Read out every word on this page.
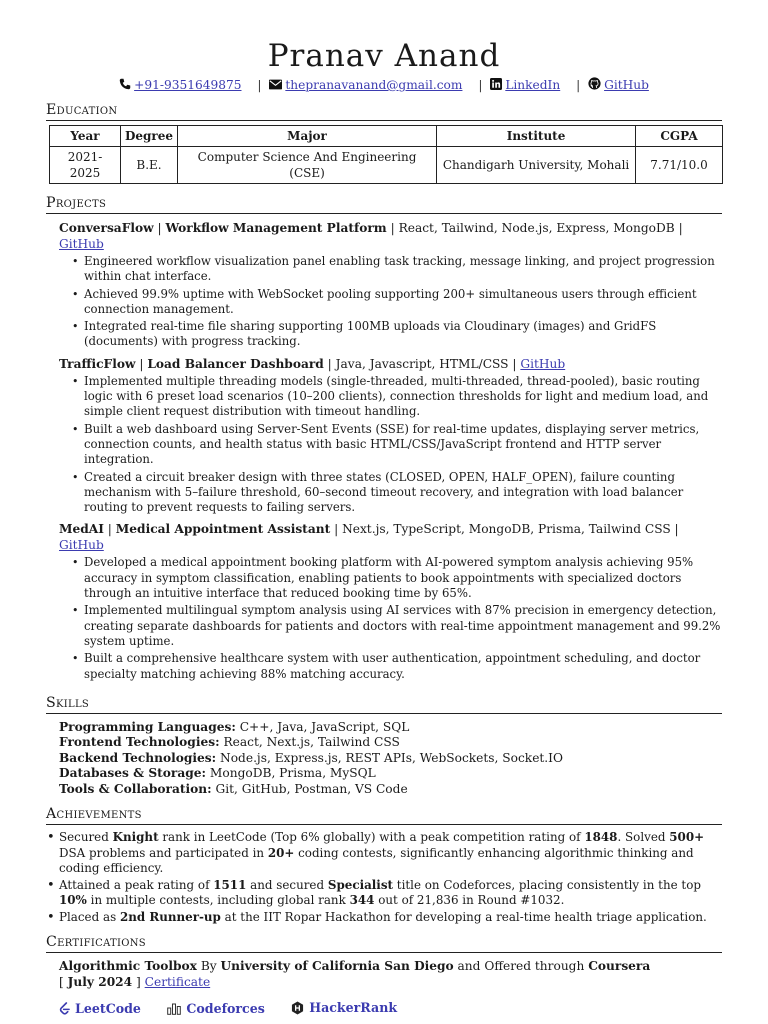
Pranav Anand
+91-9351649875 | thepranavanand@gmail.com | LinkedIn | GitHub
Education
Year	Degree	Major	Institute	CGPA
2021-2025	B.E.	Computer Science And Engineering (CSE)	Chandigarh University, Mohali	7.71/10.0
Projects
ConversaFlow | Workflow Management Platform | React, Tailwind, Node.js, Express, MongoDB | GitHub
• Engineered workflow visualization panel enabling task tracking, message linking, and project progression within chat interface.
• Achieved 99.9% uptime with WebSocket pooling supporting 200+ simultaneous users through efficient connection management.
• Integrated real-time file sharing supporting 100MB uploads via Cloudinary (images) and GridFS (documents) with progress tracking.
TrafficFlow | Load Balancer Dashboard | Java, Javascript, HTML/CSS | GitHub
• Implemented multiple threading models (single-threaded, multi-threaded, thread-pooled), basic routing logic with 6 preset load scenarios (10–200 clients), connection thresholds for light and medium load, and simple client request distribution with timeout handling.
• Built a web dashboard using Server-Sent Events (SSE) for real-time updates, displaying server metrics, connection counts, and health status with basic HTML/CSS/JavaScript frontend and HTTP server integration.
• Created a circuit breaker design with three states (CLOSED, OPEN, HALF_OPEN), failure counting mechanism with 5–failure threshold, 60–second timeout recovery, and integration with load balancer routing to prevent requests to failing servers.
MedAI | Medical Appointment Assistant | Next.js, TypeScript, MongoDB, Prisma, Tailwind CSS | GitHub
• Developed a medical appointment booking platform with AI-powered symptom analysis achieving 95% accuracy in symptom classification, enabling patients to book appointments with specialized doctors through an intuitive interface that reduced booking time by 65%.
• Implemented multilingual symptom analysis using AI services with 87% precision in emergency detection, creating separate dashboards for patients and doctors with real-time appointment management and 99.2% system uptime.
• Built a comprehensive healthcare system with user authentication, appointment scheduling, and doctor specialty matching achieving 88% matching accuracy.
Skills
Programming Languages: C++, Java, JavaScript, SQL
Frontend Technologies: React, Next.js, Tailwind CSS
Backend Technologies: Node.js, Express.js, REST APIs, WebSockets, Socket.IO
Databases & Storage: MongoDB, Prisma, MySQL
Tools & Collaboration: Git, GitHub, Postman, VS Code
Achievements
• Secured Knight rank in LeetCode (Top 6% globally) with a peak competition rating of 1848. Solved 500+ DSA problems and participated in 20+ coding contests, significantly enhancing algorithmic thinking and coding efficiency.
• Attained a peak rating of 1511 and secured Specialist title on Codeforces, placing consistently in the top 10% in multiple contests, including global rank 344 out of 21,836 in Round #1032.
• Placed as 2nd Runner-up at the IIT Ropar Hackathon for developing a real-time health triage application.
Certifications
Algorithmic Toolbox By University of California San Diego and Offered through Coursera
[ July 2024 ] Certificate
LeetCode
	Codeforces
	HackerRank
